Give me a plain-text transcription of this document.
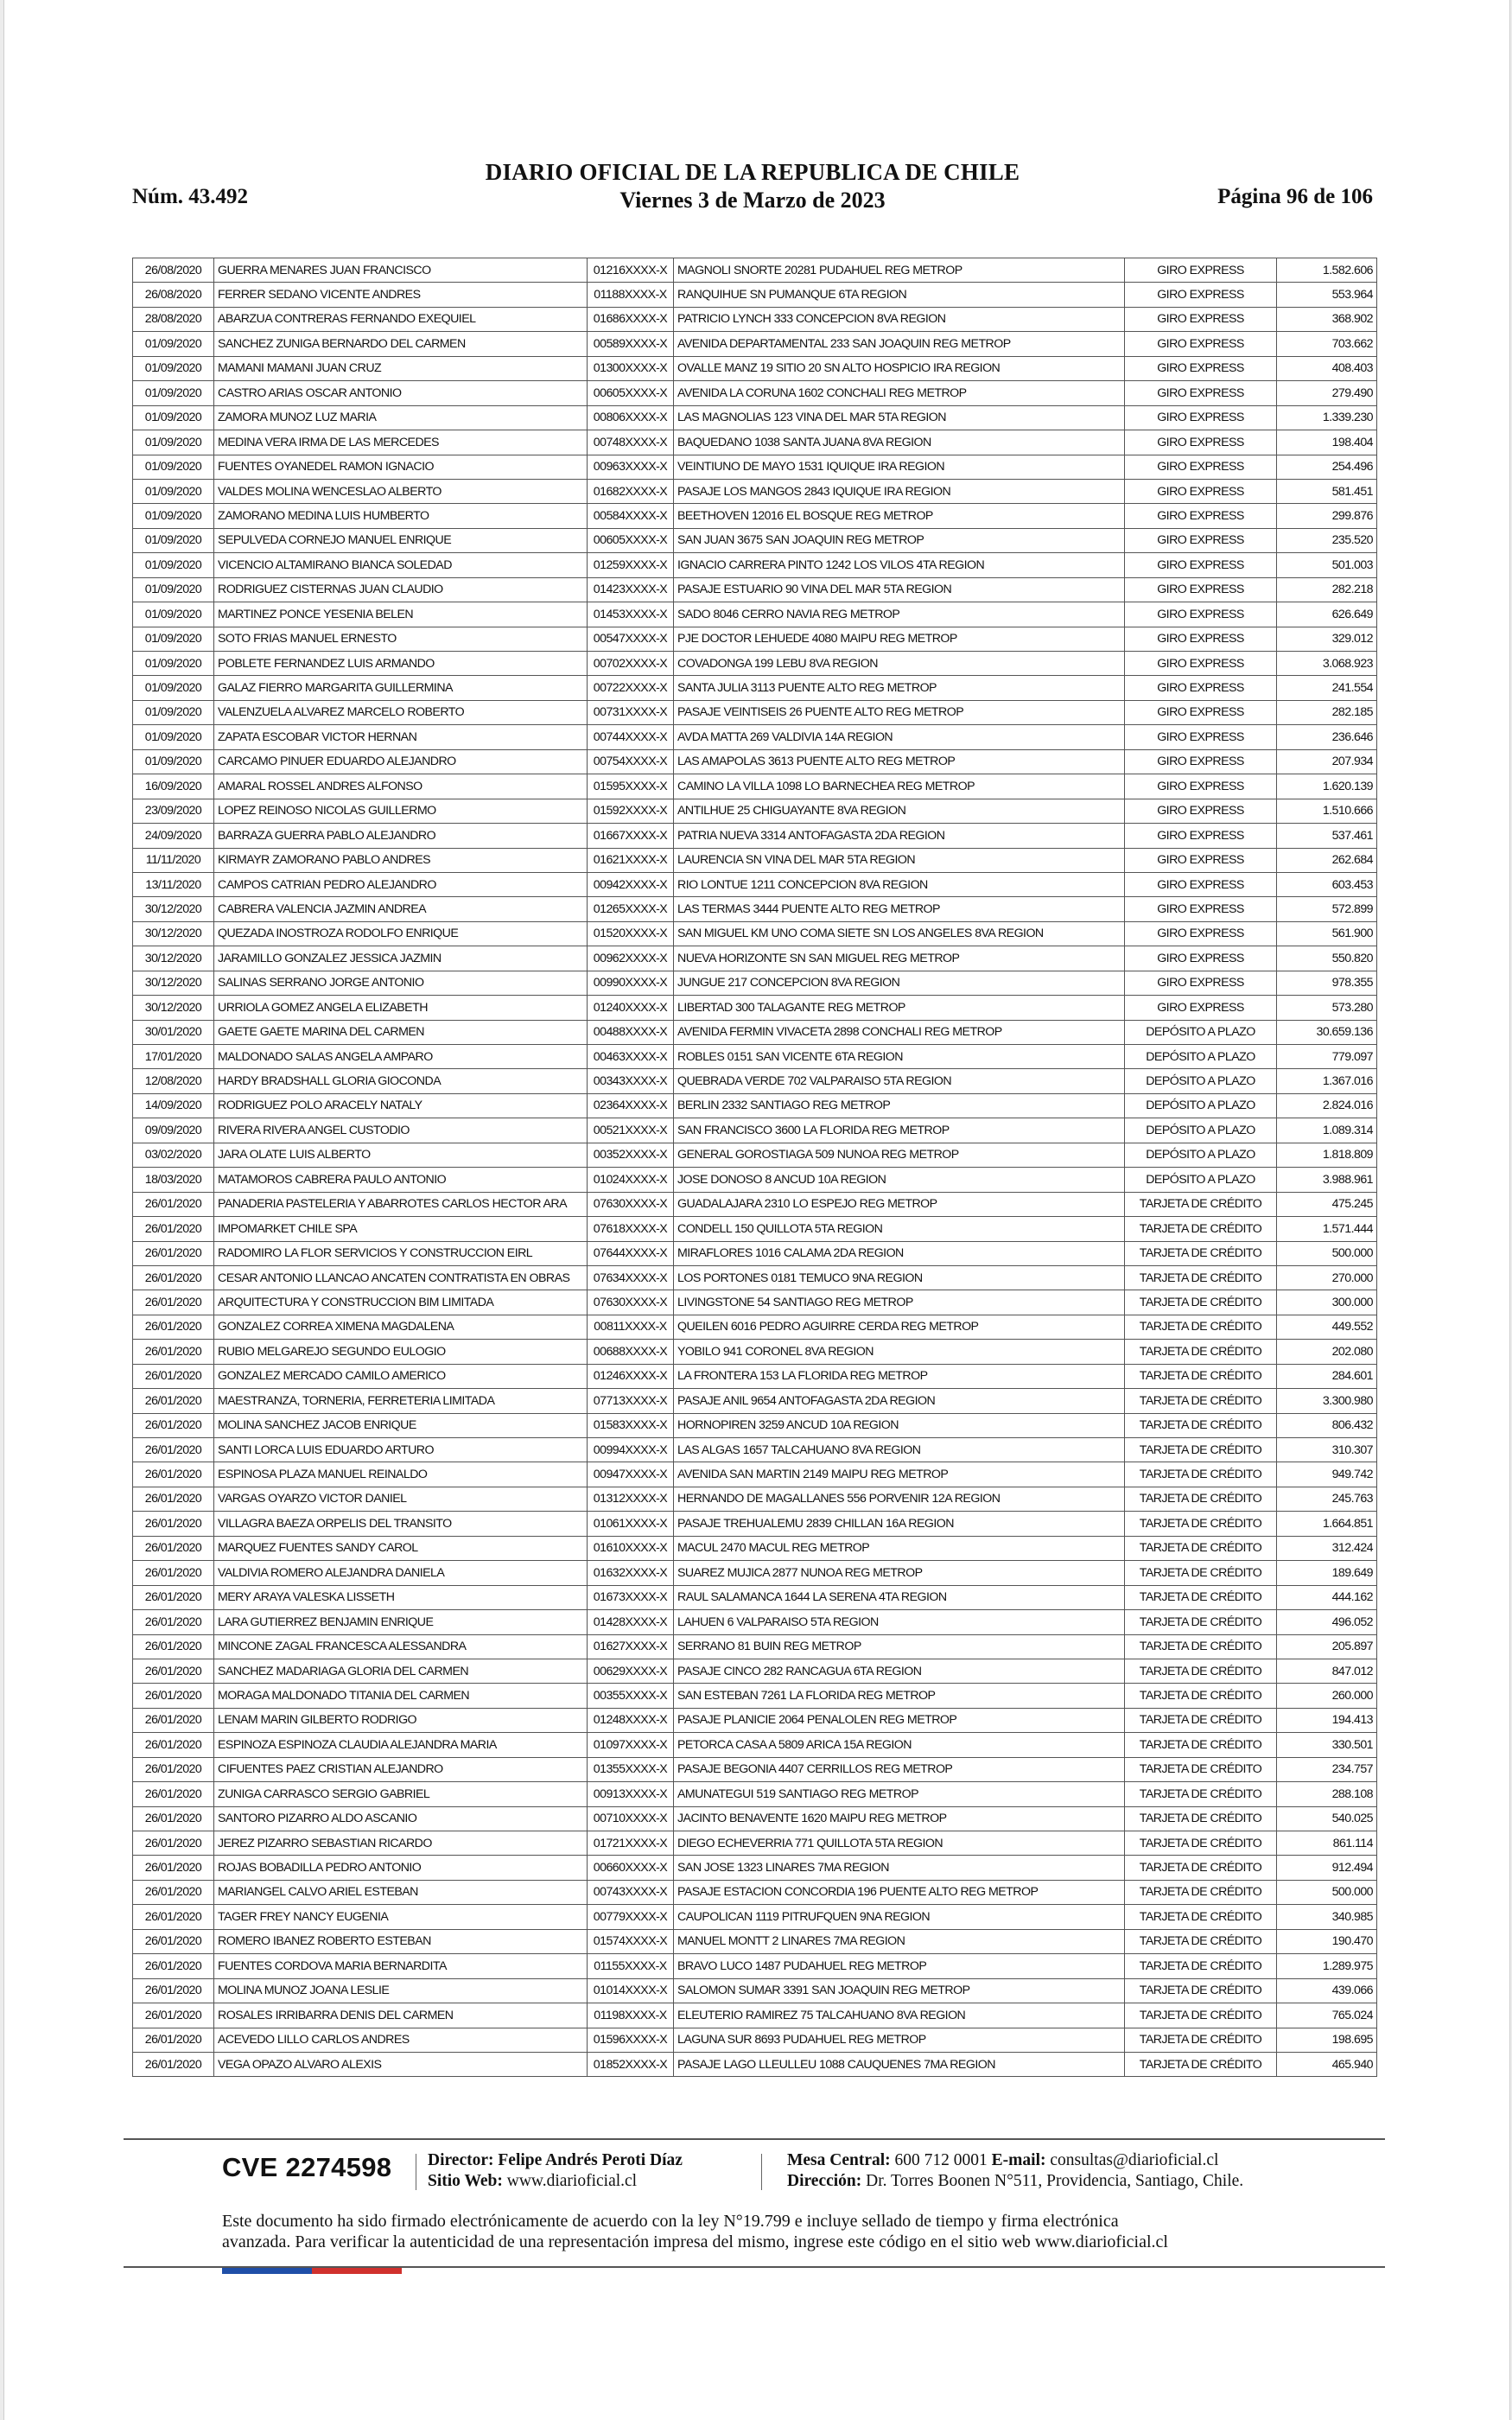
Núm. 43.492
DIARIO OFICIAL DE LA REPUBLICA DE CHILE
Viernes 3 de Marzo de 2023	Página 96 de 106
26/08/2020	GUERRA MENARES JUAN FRANCISCO	01216XXXX-X	MAGNOLI SNORTE 20281 PUDAHUEL REG METROP	GIRO EXPRESS	1.582.606
26/08/2020	FERRER SEDANO VICENTE ANDRES	01188XXXX-X	RANQUIHUE SN PUMANQUE 6TA REGION	GIRO EXPRESS	553.964
28/08/2020	ABARZUA CONTRERAS FERNANDO EXEQUIEL	01686XXXX-X	PATRICIO LYNCH 333 CONCEPCION 8VA REGION	GIRO EXPRESS	368.902
01/09/2020	SANCHEZ ZUNIGA BERNARDO DEL CARMEN	00589XXXX-X	AVENIDA DEPARTAMENTAL 233 SAN JOAQUIN REG METROP	GIRO EXPRESS	703.662
01/09/2020	MAMANI MAMANI JUAN CRUZ	01300XXXX-X	OVALLE MANZ 19 SITIO 20 SN ALTO HOSPICIO IRA REGION	GIRO EXPRESS	408.403
01/09/2020	CASTRO ARIAS OSCAR ANTONIO	00605XXXX-X	AVENIDA LA CORUNA 1602 CONCHALI REG METROP	GIRO EXPRESS	279.490
01/09/2020	ZAMORA MUNOZ LUZ MARIA	00806XXXX-X	LAS MAGNOLIAS 123 VINA DEL MAR 5TA REGION	GIRO EXPRESS	1.339.230
01/09/2020	MEDINA VERA IRMA DE LAS MERCEDES	00748XXXX-X	BAQUEDANO 1038 SANTA JUANA 8VA REGION	GIRO EXPRESS	198.404
01/09/2020	FUENTES OYANEDEL RAMON IGNACIO	00963XXXX-X	VEINTIUNO DE MAYO 1531 IQUIQUE IRA REGION	GIRO EXPRESS	254.496
01/09/2020	VALDES MOLINA WENCESLAO ALBERTO	01682XXXX-X	PASAJE LOS MANGOS 2843 IQUIQUE IRA REGION	GIRO EXPRESS	581.451
01/09/2020	ZAMORANO MEDINA LUIS HUMBERTO	00584XXXX-X	BEETHOVEN 12016 EL BOSQUE REG METROP	GIRO EXPRESS	299.876
01/09/2020	SEPULVEDA CORNEJO MANUEL ENRIQUE	00605XXXX-X	SAN JUAN 3675 SAN JOAQUIN REG METROP	GIRO EXPRESS	235.520
01/09/2020	VICENCIO ALTAMIRANO BIANCA SOLEDAD	01259XXXX-X	IGNACIO CARRERA PINTO 1242 LOS VILOS 4TA REGION	GIRO EXPRESS	501.003
01/09/2020	RODRIGUEZ CISTERNAS JUAN CLAUDIO	01423XXXX-X	PASAJE ESTUARIO 90 VINA DEL MAR 5TA REGION	GIRO EXPRESS	282.218
01/09/2020	MARTINEZ PONCE YESENIA BELEN	01453XXXX-X	SADO 8046 CERRO NAVIA REG METROP	GIRO EXPRESS	626.649
01/09/2020	SOTO FRIAS MANUEL ERNESTO	00547XXXX-X	PJE DOCTOR LEHUEDE 4080 MAIPU REG METROP	GIRO EXPRESS	329.012
01/09/2020	POBLETE FERNANDEZ LUIS ARMANDO	00702XXXX-X	COVADONGA 199 LEBU 8VA REGION	GIRO EXPRESS	3.068.923
01/09/2020	GALAZ FIERRO MARGARITA GUILLERMINA	00722XXXX-X	SANTA JULIA 3113 PUENTE ALTO REG METROP	GIRO EXPRESS	241.554
01/09/2020	VALENZUELA ALVAREZ MARCELO ROBERTO	00731XXXX-X	PASAJE VEINTISEIS 26 PUENTE ALTO REG METROP	GIRO EXPRESS	282.185
01/09/2020	ZAPATA ESCOBAR VICTOR HERNAN	00744XXXX-X	AVDA MATTA 269 VALDIVIA 14A REGION	GIRO EXPRESS	236.646
01/09/2020	CARCAMO PINUER EDUARDO ALEJANDRO	00754XXXX-X	LAS AMAPOLAS 3613 PUENTE ALTO REG METROP	GIRO EXPRESS	207.934
16/09/2020	AMARAL ROSSEL ANDRES ALFONSO	01595XXXX-X	CAMINO LA VILLA 1098 LO BARNECHEA REG METROP	GIRO EXPRESS	1.620.139
23/09/2020	LOPEZ REINOSO NICOLAS GUILLERMO	01592XXXX-X	ANTILHUE 25 CHIGUAYANTE 8VA REGION	GIRO EXPRESS	1.510.666
24/09/2020	BARRAZA GUERRA PABLO ALEJANDRO	01667XXXX-X	PATRIA NUEVA 3314 ANTOFAGASTA 2DA REGION	GIRO EXPRESS	537.461
11/11/2020	KIRMAYR ZAMORANO PABLO ANDRES	01621XXXX-X	LAURENCIA SN VINA DEL MAR 5TA REGION	GIRO EXPRESS	262.684
13/11/2020	CAMPOS CATRIAN PEDRO ALEJANDRO	00942XXXX-X	RIO LONTUE 1211 CONCEPCION 8VA REGION	GIRO EXPRESS	603.453
30/12/2020	CABRERA VALENCIA JAZMIN ANDREA	01265XXXX-X	LAS TERMAS 3444 PUENTE ALTO REG METROP	GIRO EXPRESS	572.899
30/12/2020	QUEZADA INOSTROZA RODOLFO ENRIQUE	01520XXXX-X	SAN MIGUEL KM UNO COMA SIETE SN LOS ANGELES 8VA REGION	GIRO EXPRESS	561.900
30/12/2020	JARAMILLO GONZALEZ JESSICA JAZMIN	00962XXXX-X	NUEVA HORIZONTE SN SAN MIGUEL REG METROP	GIRO EXPRESS	550.820
30/12/2020	SALINAS SERRANO JORGE ANTONIO	00990XXXX-X	JUNGUE 217 CONCEPCION 8VA REGION	GIRO EXPRESS	978.355
30/12/2020	URRIOLA GOMEZ ANGELA ELIZABETH	01240XXXX-X	LIBERTAD 300 TALAGANTE REG METROP	GIRO EXPRESS	573.280
30/01/2020	GAETE GAETE MARINA DEL CARMEN	00488XXXX-X	AVENIDA FERMIN VIVACETA 2898 CONCHALI REG METROP	DEPÓSITO A PLAZO	30.659.136
17/01/2020	MALDONADO SALAS ANGELA AMPARO	00463XXXX-X	ROBLES 0151 SAN VICENTE 6TA REGION	DEPÓSITO A PLAZO	779.097
12/08/2020	HARDY BRADSHALL GLORIA GIOCONDA	00343XXXX-X	QUEBRADA VERDE 702 VALPARAISO 5TA REGION	DEPÓSITO A PLAZO	1.367.016
14/09/2020	RODRIGUEZ POLO ARACELY NATALY	02364XXXX-X	BERLIN 2332 SANTIAGO REG METROP	DEPÓSITO A PLAZO	2.824.016
09/09/2020	RIVERA RIVERA ANGEL CUSTODIO	00521XXXX-X	SAN FRANCISCO 3600 LA FLORIDA REG METROP	DEPÓSITO A PLAZO	1.089.314
03/02/2020	JARA OLATE LUIS ALBERTO	00352XXXX-X	GENERAL GOROSTIAGA 509 NUNOA REG METROP	DEPÓSITO A PLAZO	1.818.809
18/03/2020	MATAMOROS CABRERA PAULO ANTONIO	01024XXXX-X	JOSE DONOSO 8 ANCUD 10A REGION	DEPÓSITO A PLAZO	3.988.961
26/01/2020	PANADERIA PASTELERIA Y ABARROTES CARLOS HECTOR ARA	07630XXXX-X	GUADALAJARA 2310 LO ESPEJO REG METROP	TARJETA DE CRÉDITO	475.245
26/01/2020	IMPOMARKET CHILE SPA	07618XXXX-X	CONDELL 150 QUILLOTA 5TA REGION	TARJETA DE CRÉDITO	1.571.444
26/01/2020	RADOMIRO LA FLOR SERVICIOS Y CONSTRUCCION EIRL	07644XXXX-X	MIRAFLORES 1016 CALAMA 2DA REGION	TARJETA DE CRÉDITO	500.000
26/01/2020	CESAR ANTONIO LLANCAO ANCATEN CONTRATISTA EN OBRAS	07634XXXX-X	LOS PORTONES 0181 TEMUCO 9NA REGION	TARJETA DE CRÉDITO	270.000
26/01/2020	ARQUITECTURA Y CONSTRUCCION BIM LIMITADA	07630XXXX-X	LIVINGSTONE 54 SANTIAGO REG METROP	TARJETA DE CRÉDITO	300.000
26/01/2020	GONZALEZ CORREA XIMENA MAGDALENA	00811XXXX-X	QUEILEN 6016 PEDRO AGUIRRE CERDA REG METROP	TARJETA DE CRÉDITO	449.552
26/01/2020	RUBIO MELGAREJO SEGUNDO EULOGIO	00688XXXX-X	YOBILO 941 CORONEL 8VA REGION	TARJETA DE CRÉDITO	202.080
26/01/2020	GONZALEZ MERCADO CAMILO AMERICO	01246XXXX-X	LA FRONTERA 153 LA FLORIDA REG METROP	TARJETA DE CRÉDITO	284.601
26/01/2020	MAESTRANZA, TORNERIA, FERRETERIA LIMITADA	07713XXXX-X	PASAJE ANIL 9654 ANTOFAGASTA 2DA REGION	TARJETA DE CRÉDITO	3.300.980
26/01/2020	MOLINA SANCHEZ JACOB ENRIQUE	01583XXXX-X	HORNOPIREN 3259 ANCUD 10A REGION	TARJETA DE CRÉDITO	806.432
26/01/2020	SANTI LORCA LUIS EDUARDO ARTURO	00994XXXX-X	LAS ALGAS 1657 TALCAHUANO 8VA REGION	TARJETA DE CRÉDITO	310.307
26/01/2020	ESPINOSA PLAZA MANUEL REINALDO	00947XXXX-X	AVENIDA SAN MARTIN 2149 MAIPU REG METROP	TARJETA DE CRÉDITO	949.742
26/01/2020	VARGAS OYARZO VICTOR DANIEL	01312XXXX-X	HERNANDO DE MAGALLANES 556 PORVENIR 12A REGION	TARJETA DE CRÉDITO	245.763
26/01/2020	VILLAGRA BAEZA ORPELIS DEL TRANSITO	01061XXXX-X	PASAJE TREHUALEMU 2839 CHILLAN 16A REGION	TARJETA DE CRÉDITO	1.664.851
26/01/2020	MARQUEZ FUENTES SANDY CAROL	01610XXXX-X	MACUL 2470 MACUL REG METROP	TARJETA DE CRÉDITO	312.424
26/01/2020	VALDIVIA ROMERO ALEJANDRA DANIELA	01632XXXX-X	SUAREZ MUJICA 2877 NUNOA REG METROP	TARJETA DE CRÉDITO	189.649
26/01/2020	MERY ARAYA VALESKA LISSETH	01673XXXX-X	RAUL SALAMANCA 1644 LA SERENA 4TA REGION	TARJETA DE CRÉDITO	444.162
26/01/2020	LARA GUTIERREZ BENJAMIN ENRIQUE	01428XXXX-X	LAHUEN 6 VALPARAISO 5TA REGION	TARJETA DE CRÉDITO	496.052
26/01/2020	MINCONE ZAGAL FRANCESCA ALESSANDRA	01627XXXX-X	SERRANO 81 BUIN REG METROP	TARJETA DE CRÉDITO	205.897
26/01/2020	SANCHEZ MADARIAGA GLORIA DEL CARMEN	00629XXXX-X	PASAJE CINCO 282 RANCAGUA 6TA REGION	TARJETA DE CRÉDITO	847.012
26/01/2020	MORAGA MALDONADO TITANIA DEL CARMEN	00355XXXX-X	SAN ESTEBAN 7261 LA FLORIDA REG METROP	TARJETA DE CRÉDITO	260.000
26/01/2020	LENAM MARIN GILBERTO RODRIGO	01248XXXX-X	PASAJE PLANICIE 2064 PENALOLEN REG METROP	TARJETA DE CRÉDITO	194.413
26/01/2020	ESPINOZA ESPINOZA CLAUDIA ALEJANDRA MARIA	01097XXXX-X	PETORCA CASA A 5809 ARICA 15A REGION	TARJETA DE CRÉDITO	330.501
26/01/2020	CIFUENTES PAEZ CRISTIAN ALEJANDRO	01355XXXX-X	PASAJE BEGONIA 4407 CERRILLOS REG METROP	TARJETA DE CRÉDITO	234.757
26/01/2020	ZUNIGA CARRASCO SERGIO GABRIEL	00913XXXX-X	AMUNATEGUI 519 SANTIAGO REG METROP	TARJETA DE CRÉDITO	288.108
26/01/2020	SANTORO PIZARRO ALDO ASCANIO	00710XXXX-X	JACINTO BENAVENTE 1620 MAIPU REG METROP	TARJETA DE CRÉDITO	540.025
26/01/2020	JEREZ PIZARRO SEBASTIAN RICARDO	01721XXXX-X	DIEGO ECHEVERRIA 771 QUILLOTA 5TA REGION	TARJETA DE CRÉDITO	861.114
26/01/2020	ROJAS BOBADILLA PEDRO ANTONIO	00660XXXX-X	SAN JOSE 1323 LINARES 7MA REGION	TARJETA DE CRÉDITO	912.494
26/01/2020	MARIANGEL CALVO ARIEL ESTEBAN	00743XXXX-X	PASAJE ESTACION CONCORDIA 196 PUENTE ALTO REG METROP	TARJETA DE CRÉDITO	500.000
26/01/2020	TAGER FREY NANCY EUGENIA	00779XXXX-X	CAUPOLICAN 1119 PITRUFQUEN 9NA REGION	TARJETA DE CRÉDITO	340.985
26/01/2020	ROMERO IBANEZ ROBERTO ESTEBAN	01574XXXX-X	MANUEL MONTT 2 LINARES 7MA REGION	TARJETA DE CRÉDITO	190.470
26/01/2020	FUENTES CORDOVA MARIA BERNARDITA	01155XXXX-X	BRAVO LUCO 1487 PUDAHUEL REG METROP	TARJETA DE CRÉDITO	1.289.975
26/01/2020	MOLINA MUNOZ JOANA LESLIE	01014XXXX-X	SALOMON SUMAR 3391 SAN JOAQUIN REG METROP	TARJETA DE CRÉDITO	439.066
26/01/2020	ROSALES IRRIBARRA DENIS DEL CARMEN	01198XXXX-X	ELEUTERIO RAMIREZ 75 TALCAHUANO 8VA REGION	TARJETA DE CRÉDITO	765.024
26/01/2020	ACEVEDO LILLO CARLOS ANDRES	01596XXXX-X	LAGUNA SUR 8693 PUDAHUEL REG METROP	TARJETA DE CRÉDITO	198.695
26/01/2020	VEGA OPAZO ALVARO ALEXIS	01852XXXX-X	PASAJE LAGO LLEULLEU 1088 CAUQUENES 7MA REGION	TARJETA DE CRÉDITO	465.940
CVE 2274598 Director: Felipe Andrés Peroti Díaz
Sitio Web: www.diarioficial.cl
Mesa Central: 600 712 0001 E-mail: consultas@diarioficial.cl
Dirección: Dr. Torres Boonen N°511, Providencia, Santiago, Chile.
Este documento ha sido firmado electrónicamente de acuerdo con la ley N°19.799 e incluye sellado de tiempo y firma electrónica
avanzada. Para verificar la autenticidad de una representación impresa del mismo, ingrese este código en el sitio web www.diarioficial.cl
